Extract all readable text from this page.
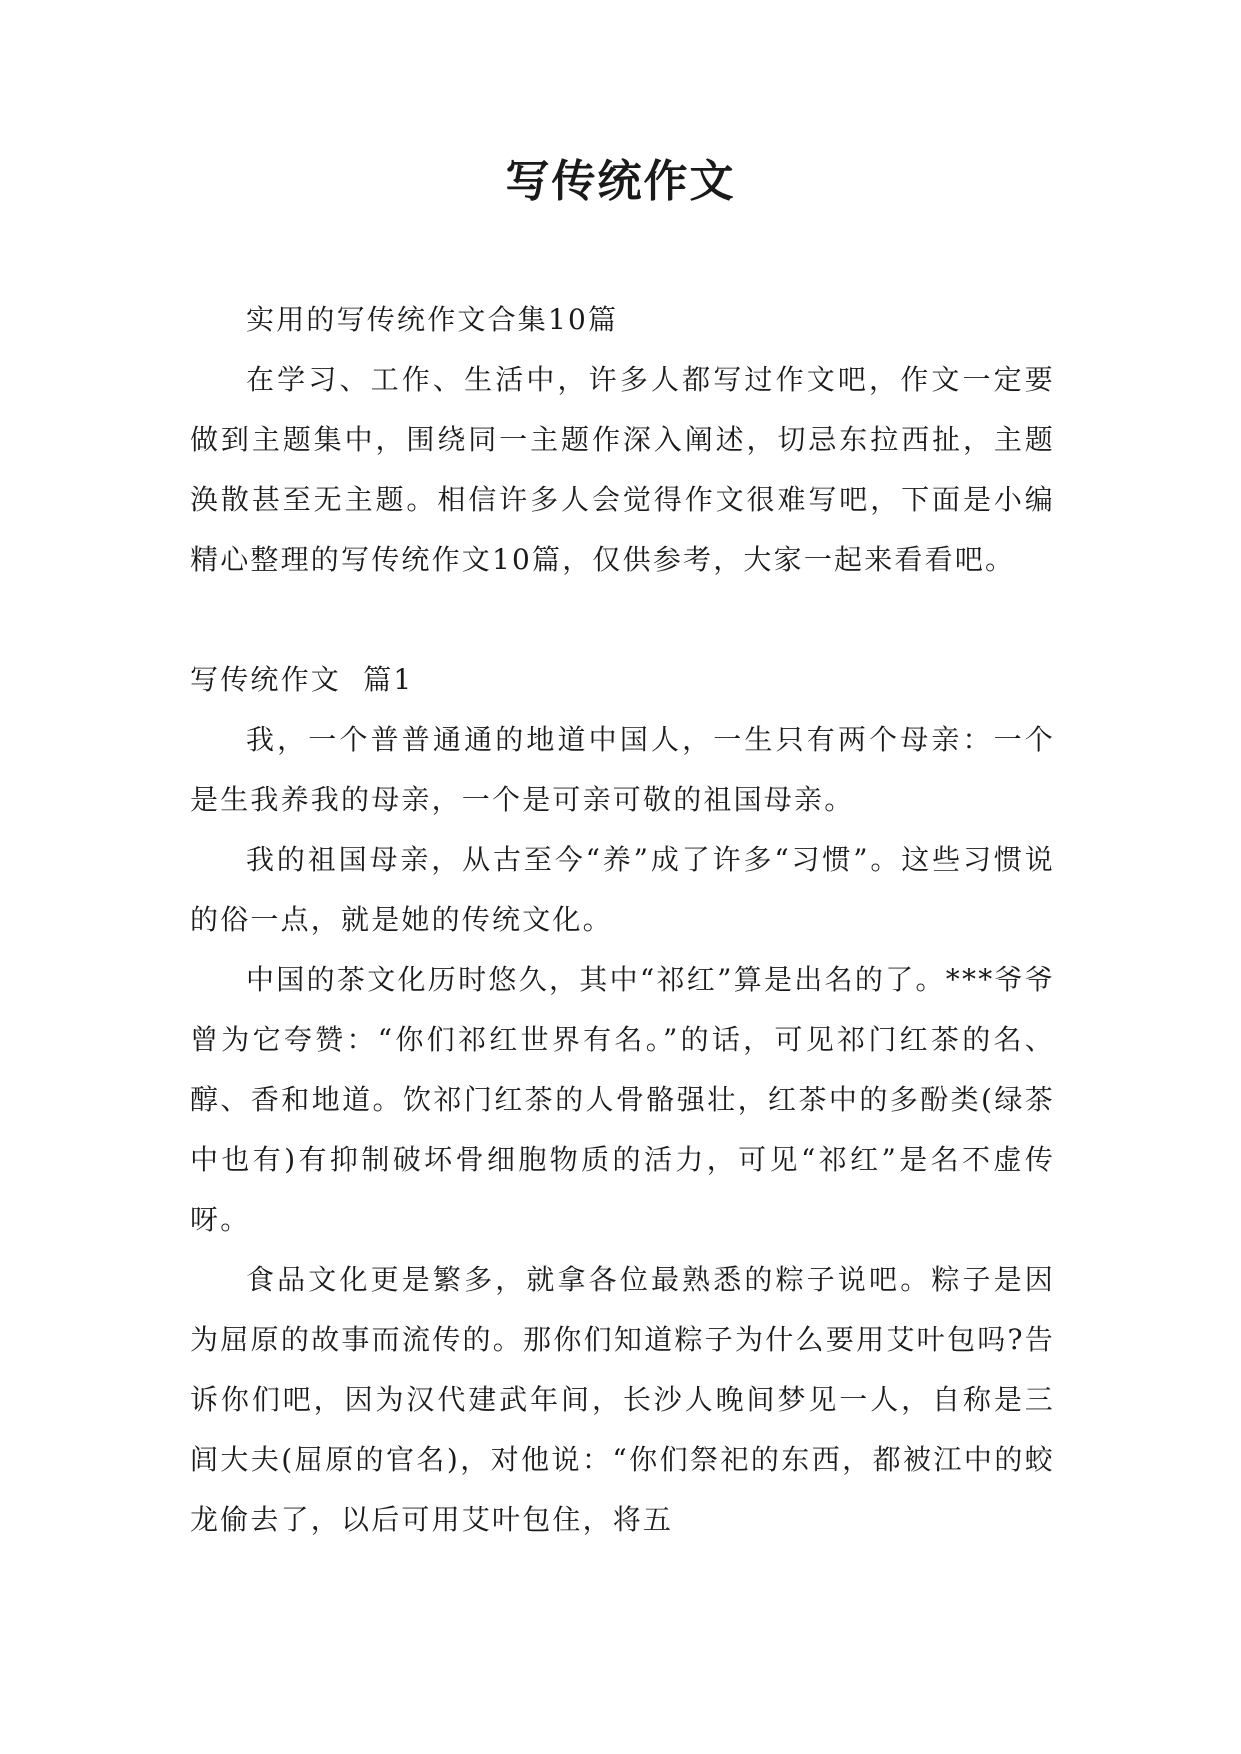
写传统作文

实用的写传统作文合集10篇

在学习、工作、生活中，许多人都写过作文吧，作文一定要做到主题集中，围绕同一主题作深入阐述，切忌东拉西扯，主题涣散甚至无主题。相信许多人会觉得作文很难写吧，下面是小编精心整理的写传统作文10篇，仅供参考，大家一起来看看吧。

写传统作文  篇1

我，一个普普通通的地道中国人，一生只有两个母亲：一个是生我养我的母亲，一个是可亲可敬的祖国母亲。

我的祖国母亲，从古至今“养”成了许多“习惯”。这些习惯说的俗一点，就是她的传统文化。

中国的茶文化历时悠久，其中“祁红”算是出名的了。***爷爷曾为它夸赞：“你们祁红世界有名。”的话，可见祁门红茶的名、醇、香和地道。饮祁门红茶的人骨骼强壮，红茶中的多酚类(绿茶中也有)有抑制破坏骨细胞物质的活力，可见“祁红”是名不虚传呀。

食品文化更是繁多，就拿各位最熟悉的粽子说吧。粽子是因为屈原的故事而流传的。那你们知道粽子为什么要用艾叶包吗?告诉你们吧，因为汉代建武年间，长沙人晚间梦见一人，自称是三闾大夫(屈原的官名)，对他说：“你们祭祀的东西，都被江中的蛟龙偷去了，以后可用艾叶包住，将五
